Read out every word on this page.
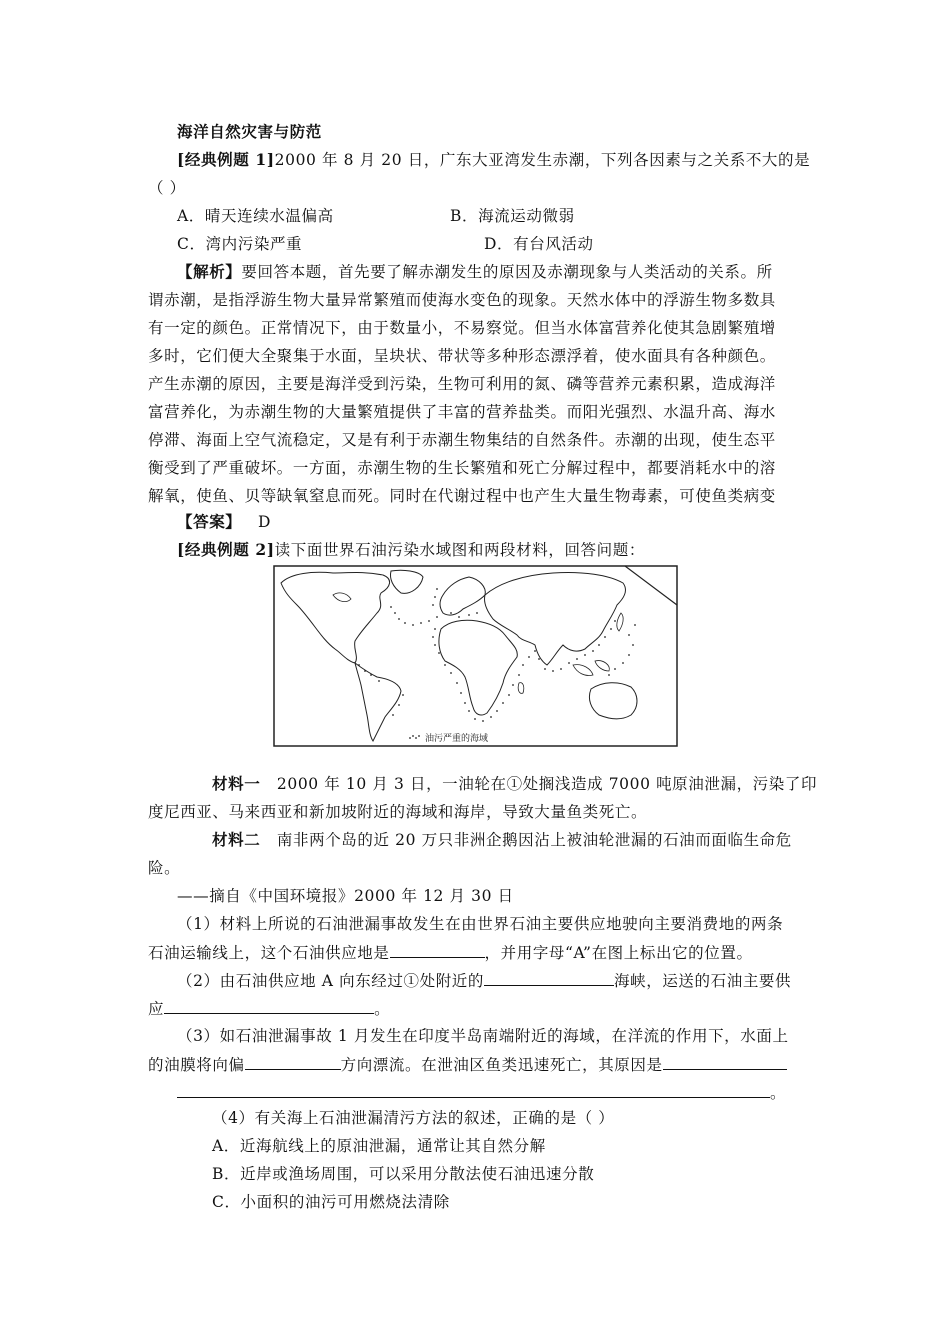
海洋自然灾害与防范
[经典例题 1]2000 年 8 月 20 日，广东大亚湾发生赤潮，下列各因素与之关系不大的是
（ ）
A．晴天连续水温偏高	B．海流运动微弱
C．湾内污染严重	D．有台风活动
【解析】要回答本题，首先要了解赤潮发生的原因及赤潮现象与人类活动的关系。所
谓赤潮，是指浮游生物大量异常繁殖而使海水变色的现象。天然水体中的浮游生物多数具
有一定的颜色。正常情况下，由于数量小，不易察觉。但当水体富营养化使其急剧繁殖增
多时，它们便大全聚集于水面，呈块状、带状等多种形态漂浮着，使水面具有各种颜色。
产生赤潮的原因，主要是海洋受到污染，生物可利用的氮、磷等营养元素积累，造成海洋
富营养化，为赤潮生物的大量繁殖提供了丰富的营养盐类。而阳光强烈、水温升高、海水
停滞、海面上空气流稳定，又是有利于赤潮生物集结的自然条件。赤潮的出现，使生态平
衡受到了严重破坏。一方面，赤潮生物的生长繁殖和死亡分解过程中，都要消耗水中的溶
解氧，使鱼、贝等缺氧窒息而死。同时在代谢过程中也产生大量生物毒素，可使鱼类病变
【答案】 D
[经典例题 2]读下面世界石油污染水域图和两段材料，回答问题：
油污严重的海域
材料一 2000 年 10 月 3 日，一油轮在①处搁浅造成 7000 吨原油泄漏，污染了印
度尼西亚、马来西亚和新加坡附近的海域和海岸，导致大量鱼类死亡。
材料二 南非两个岛的近 20 万只非洲企鹅因沾上被油轮泄漏的石油而面临生命危
险。
——摘自《中国环境报》2000 年 12 月 30 日
（1）材料上所说的石油泄漏事故发生在由世界石油主要供应地驶向主要消费地的两条
石油运输线上，这个石油供应地是	，并用字母“A”在图上标出它的位置。
（2）由石油供应地 A 向东经过①处附近的	海峡，运送的石油主要供
应	。
（3）如石油泄漏事故 1 月发生在印度半岛南端附近的海域，在洋流的作用下，水面上
的油膜将向偏	方向漂流。在泄油区鱼类迅速死亡，其原因是
。
（4）有关海上石油泄漏清污方法的叙述，正确的是（ ）
A．近海航线上的原油泄漏，通常让其自然分解
B．近岸或渔场周围，可以采用分散法使石油迅速分散
C．小面积的油污可用燃烧法清除
